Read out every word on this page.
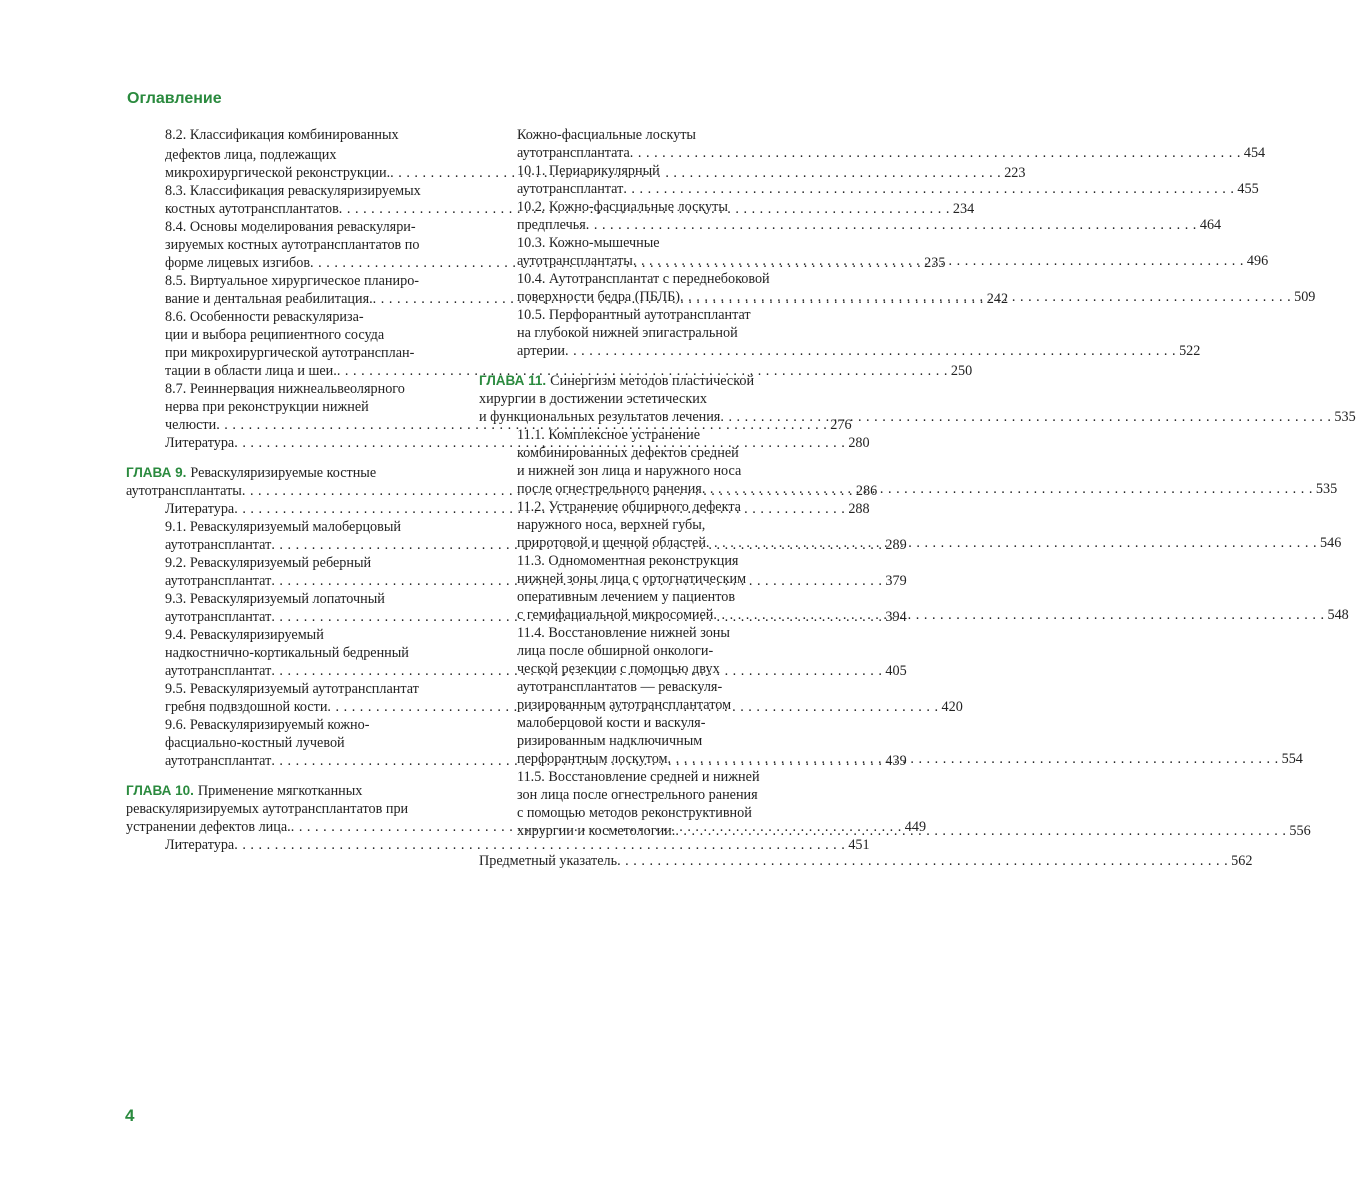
Оглавление
8.2. Классификация комбинированных
дефектов лица, подлежащих
микрохирургической реконструкции. . . .	223
8.3. Классификация реваскуляризируемых
костных аутотрансплантатов . . .	234
8.4. Основы моделирования реваскуляри-
зируемых костных аутотрансплантатов по
форме лицевых изгибов . . .	235
8.5. Виртуальное хирургическое планиро-
вание и дентальная реабилитация. . . .	242
8.6. Особенности реваскуляриза-
ции и выбора реципиентного сосуда
при микрохирургической аутотрансплан-
тации в области лица и шеи. . . .	250
8.7. Реиннервация нижнеальвеолярного
нерва при реконструкции нижней
челюсти . . .	276
Литература . . .	280
ГЛАВА 9. Реваскуляризируемые костные
аутотрансплантаты . . .	286
Литература . . .	288
9.1. Реваскуляризуемый малоберцовый
аутотрансплантат . . .	289
9.2. Реваскуляризуемый реберный
аутотрансплантат . . .	379
9.3. Реваскуляризуемый лопаточный
аутотрансплантат . . .	394
9.4. Реваскуляризируемый
надкостнично-кортикальный бедренный
аутотрансплантат . . .	405
9.5. Реваскуляризуемый аутотрансплантат
гребня подвздошной кости . . .	420
9.6. Реваскуляризируемый кожно-
фасциально-костный лучевой
аутотрансплантат . . .	439
ГЛАВА 10. Применение мягкотканных
реваскуляризируемых аутотрансплантатов при
устранении дефектов лица. . . .	449
Литература . . .	451
Кожно-фасциальные лоскуты
аутотрансплантата . . .	454
10.1. Периарикулярный
аутотрансплантат . . .	455
10.2. Кожно-фасциальные лоскуты
предплечья . . .	464
10.3. Кожно-мышечные
аутотрансплантаты . . .	496
10.4. Аутотрансплантат с переднебоковой
поверхности бедра (ПБЛБ) . . .	509
10.5. Перфорантный аутотрансплантат
на глубокой нижней эпигастральной
артерии . . .	522
ГЛАВА 11. Синергизм методов пластической
хирургии в достижении эстетических
и функциональных результатов лечения . . .	535
11.1. Комплексное устранение
комбинированных дефектов средней
и нижней зон лица и наружного носа
после огнестрельного ранения . . .	535
11.2. Устранение обширного дефекта
наружного носа, верхней губы,
приротовой и щечной областей . . .	546
11.3. Одномоментная реконструкция
нижней зоны лица с ортогнатическим
оперативным лечением у пациентов
с гемифациальной микросомией . . .	548
11.4. Восстановление нижней зоны
лица после обширной онкологи-
ческой резекции с помощью двух
аутотрансплантатов — реваскуля-
ризированным аутотрансплантатом
малоберцовой кости и васкуля-
ризированным надключичным
перфорантным лоскутом . . .	554
11.5. Восстановление средней и нижней
зон лица после огнестрельного ранения
с помощью методов реконструктивной
хирургии и косметологии. . . .	556
Предметный указатель . . .	562
4
